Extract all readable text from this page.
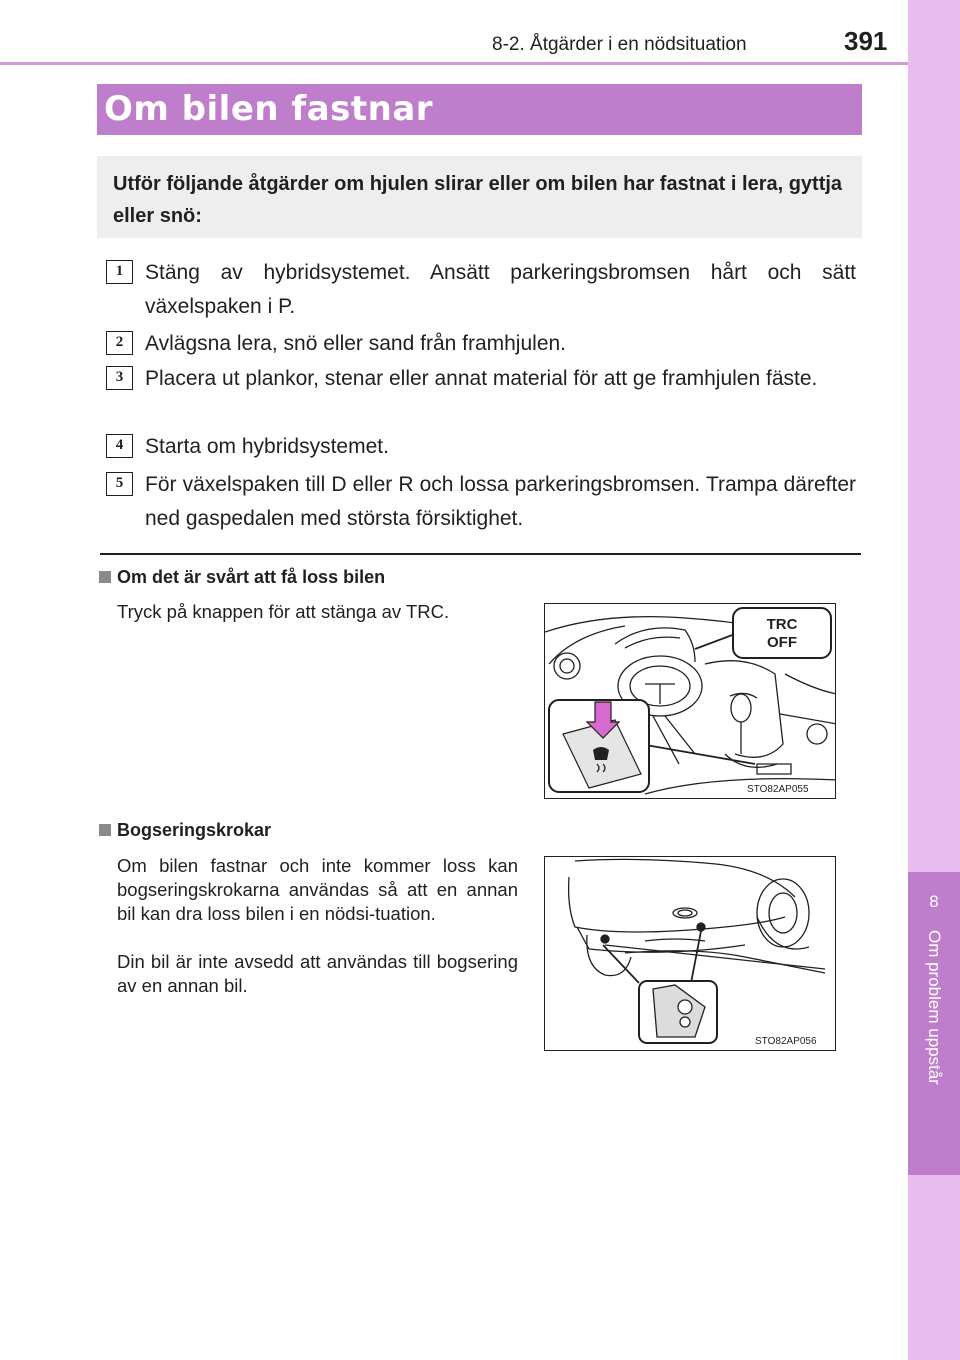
8-2. Åtgärder i en nödsituation	391
8
Om problem uppstår
Om bilen fastnar
Utför följande åtgärder om hjulen slirar eller om bilen har fastnat i lera, gyttja eller snö:
1	Stäng av hybridsystemet. Ansätt parkeringsbromsen hårt och sätt växelspaken i P.
2	Avlägsna lera, snö eller sand från framhjulen.
3	Placera ut plankor, stenar eller annat material för att ge framhjulen fäste.
4	Starta om hybridsystemet.
5	För växelspaken till D eller R och lossa parkeringsbromsen. Trampa därefter ned gaspedalen med största försiktighet.
Om det är svårt att få loss bilen
Tryck på knappen för att stänga av TRC.
TRC
OFF
STO82AP055
Bogseringskrokar
Om bilen fastnar och inte kommer loss kan bogseringskrokarna användas så att en annan bil kan dra loss bilen i en nödsi-tuation.
Din bil är inte avsedd att användas till bogsering av en annan bil.
STO82AP056
